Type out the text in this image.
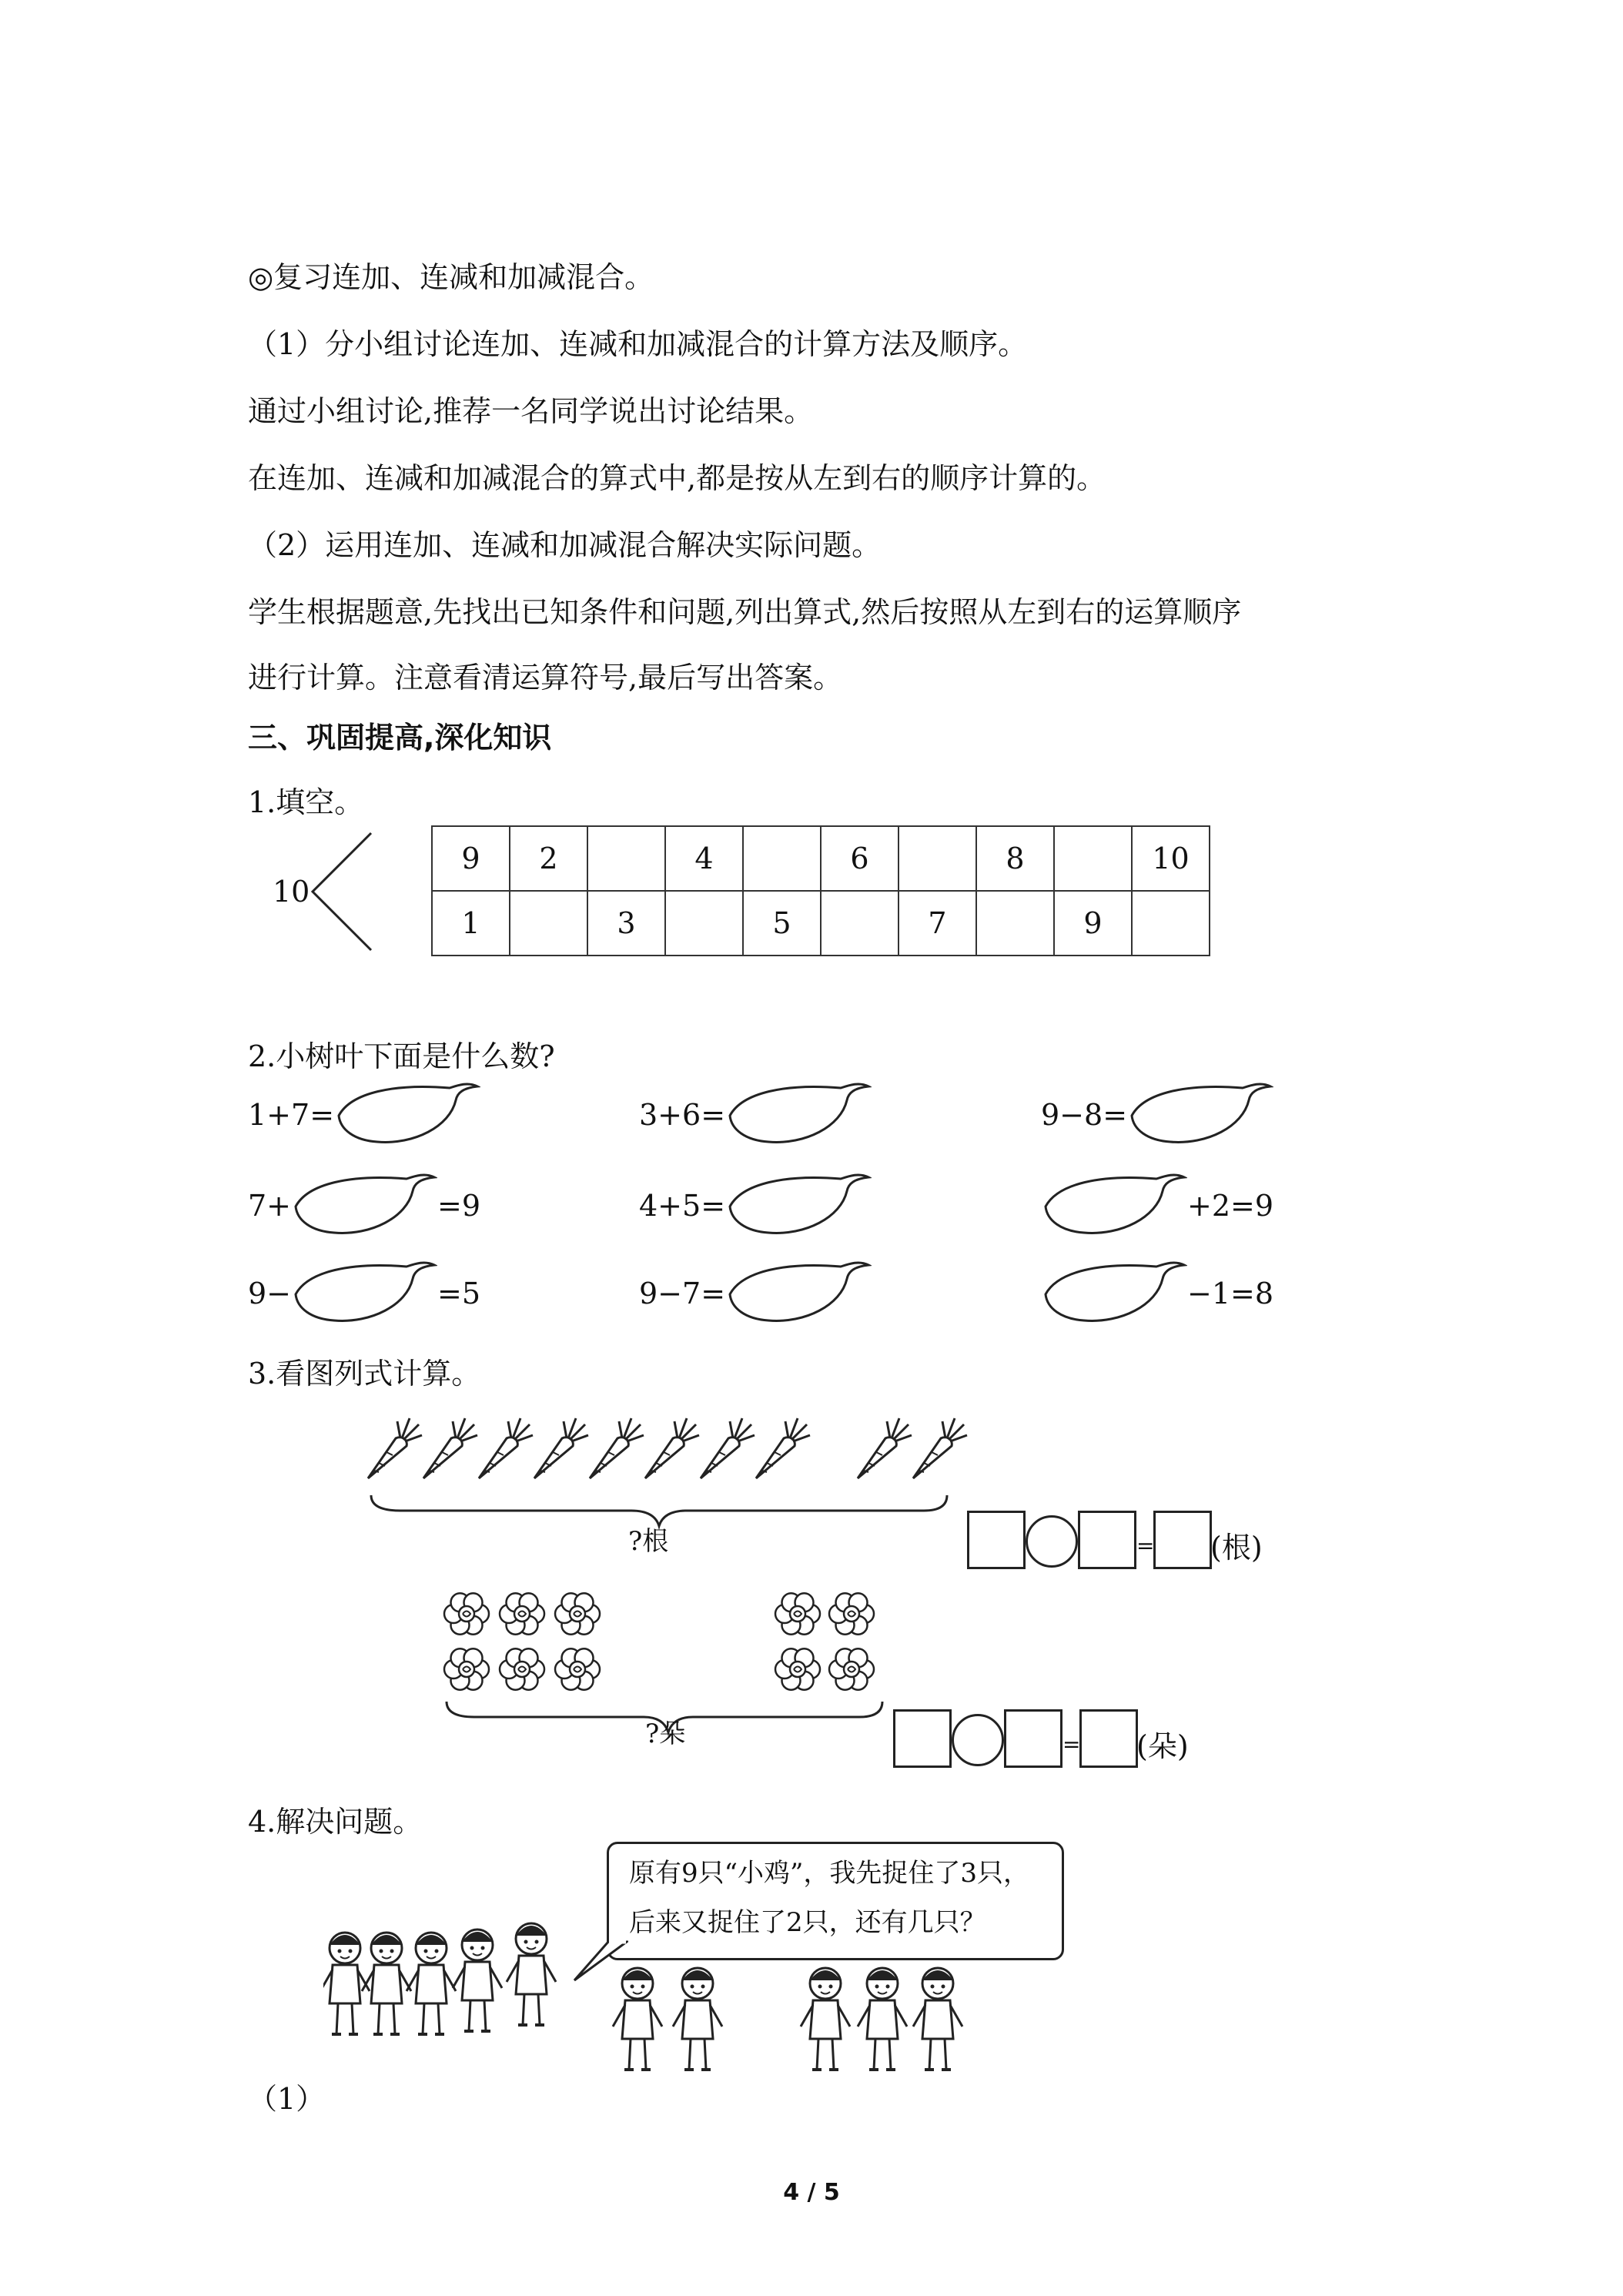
◎复习连加、连减和加减混合。
（1）分小组讨论连加、连减和加减混合的计算方法及顺序。
通过小组讨论,推荐一名同学说出讨论结果。
在连加、连减和加减混合的算式中,都是按从左到右的顺序计算的。
（2）运用连加、连减和加减混合解决实际问题。
学生根据题意,先找出已知条件和问题,列出算式,然后按照从左到右的运算顺序
进行计算。注意看清运算符号,最后写出答案。
三、巩固提高,深化知识
1.填空。
10
9	2		4		6		8		10
1		3		5		7		9	
2.小树叶下面是什么数?
1+7=	3+6=	9−8=
7+	=9	4+5=	+2=9
9−	=5	9−7=	−1=8
3.看图列式计算。
?根	= (根)
?朵	= (朵)
4.解决问题。
原有9只“小鸡”，我先捉住了3只，
后来又捉住了2只，还有几只？
（1）
4 / 5
